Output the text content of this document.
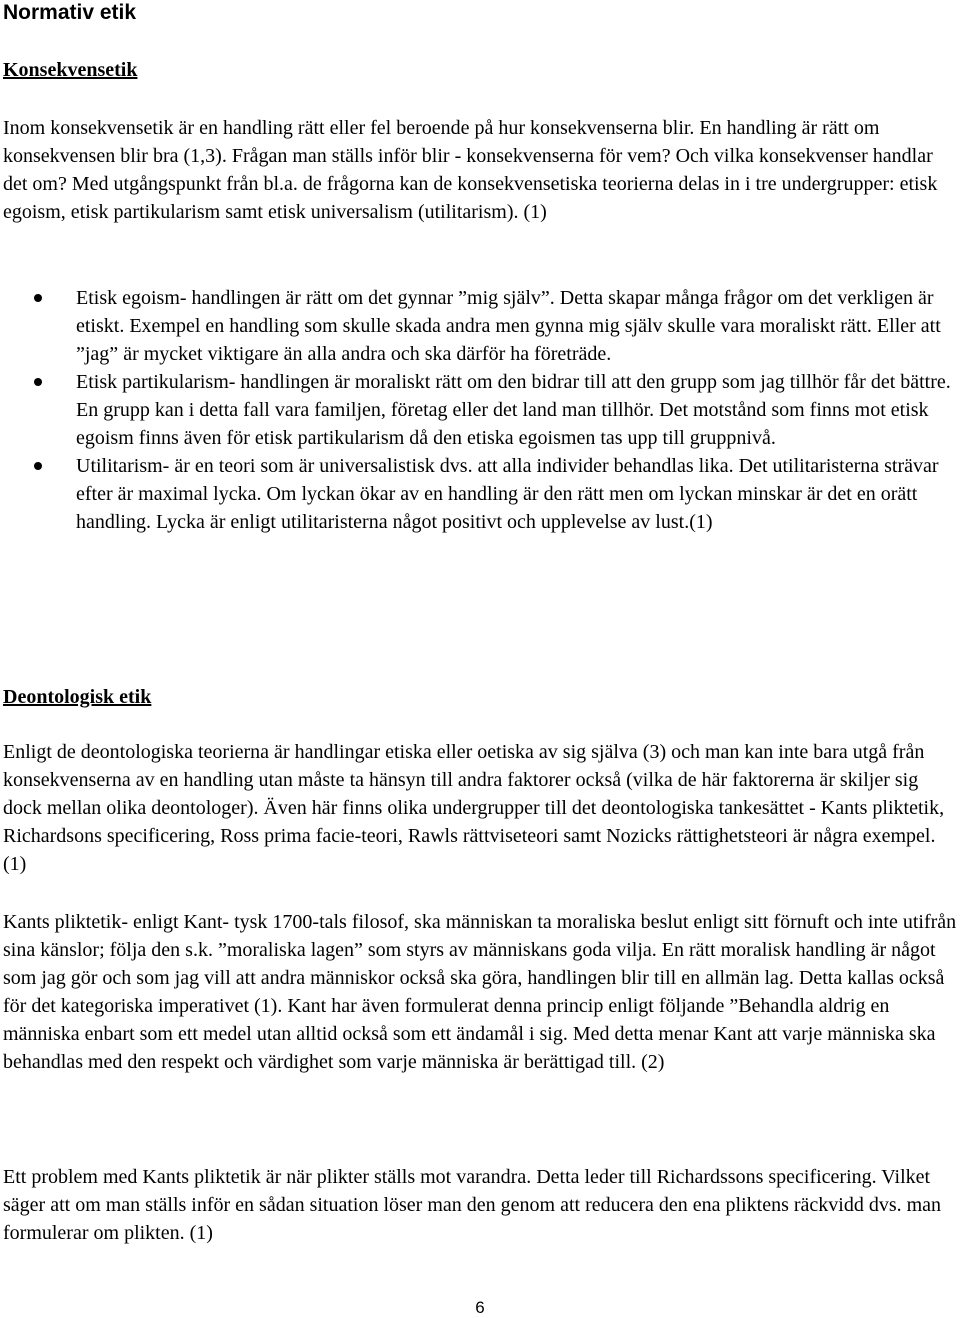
Normativ etik
Konsekvensetik

Inom konsekvensetik är en handling rätt eller fel beroende på hur konsekvenserna blir. En handling är rätt om konsekvensen blir bra (1,3). Frågan man ställs inför blir - konsekvenserna för vem? Och vilka konsekvenser handlar det om? Med utgångspunkt från bl.a. de frågorna kan de konsekvensetiska teorierna delas in i tre undergrupper: etisk egoism, etisk partikularism samt etisk universalism (utilitarism). (1)

Etisk egoism- handlingen är rätt om det gynnar ”mig själv”. Detta skapar många frågor om det verkligen är etiskt. Exempel en handling som skulle skada andra men gynna mig själv skulle vara moraliskt rätt. Eller att ”jag” är mycket viktigare än alla andra och ska därför ha företräde.
Etisk partikularism- handlingen är moraliskt rätt om den bidrar till att den grupp som jag tillhör får det bättre. En grupp kan i detta fall vara familjen, företag eller det land man tillhör. Det motstånd som finns mot etisk egoism finns även för etisk partikularism då den etiska egoismen tas upp till gruppnivå.
Utilitarism- är en teori som är universalistisk dvs. att alla individer behandlas lika. Det utilitaristerna strävar efter är maximal lycka. Om lyckan ökar av en handling är den rätt men om lyckan minskar är det en orätt handling. Lycka är enligt utilitaristerna något positivt och upplevelse av lust.(1)
Deontologisk etik

Enligt de deontologiska teorierna är handlingar etiska eller oetiska av sig själva (3) och man kan inte bara utgå från konsekvenserna av en handling utan måste ta hänsyn till andra faktorer också (vilka de här faktorerna är skiljer sig dock mellan olika deontologer). Även här finns olika undergrupper till det deontologiska tankesättet - Kants pliktetik, Richardsons specificering, Ross prima facie-teori, Rawls rättviseteori samt Nozicks rättighetsteori är några exempel. (1)

Kants pliktetik- enligt Kant- tysk 1700-tals filosof, ska människan ta moraliska beslut enligt sitt förnuft och inte utifrån sina känslor; följa den s.k. ”moraliska lagen” som styrs av människans goda vilja. En rätt moralisk handling är något som jag gör och som jag vill att andra människor också ska göra, handlingen blir till en allmän lag. Detta kallas också för det kategoriska imperativet (1). Kant har även formulerat denna princip enligt följande ”Behandla aldrig en människa enbart som ett medel utan alltid också som ett ändamål i sig. Med detta menar Kant att varje människa ska behandlas med den respekt och värdighet som varje människa är berättigad till. (2)

Ett problem med Kants pliktetik är när plikter ställs mot varandra. Detta leder till Richardssons specificering. Vilket säger att om man ställs inför en sådan situation löser man den genom att reducera den ena pliktens räckvidd dvs. man formulerar om plikten. (1)

6
